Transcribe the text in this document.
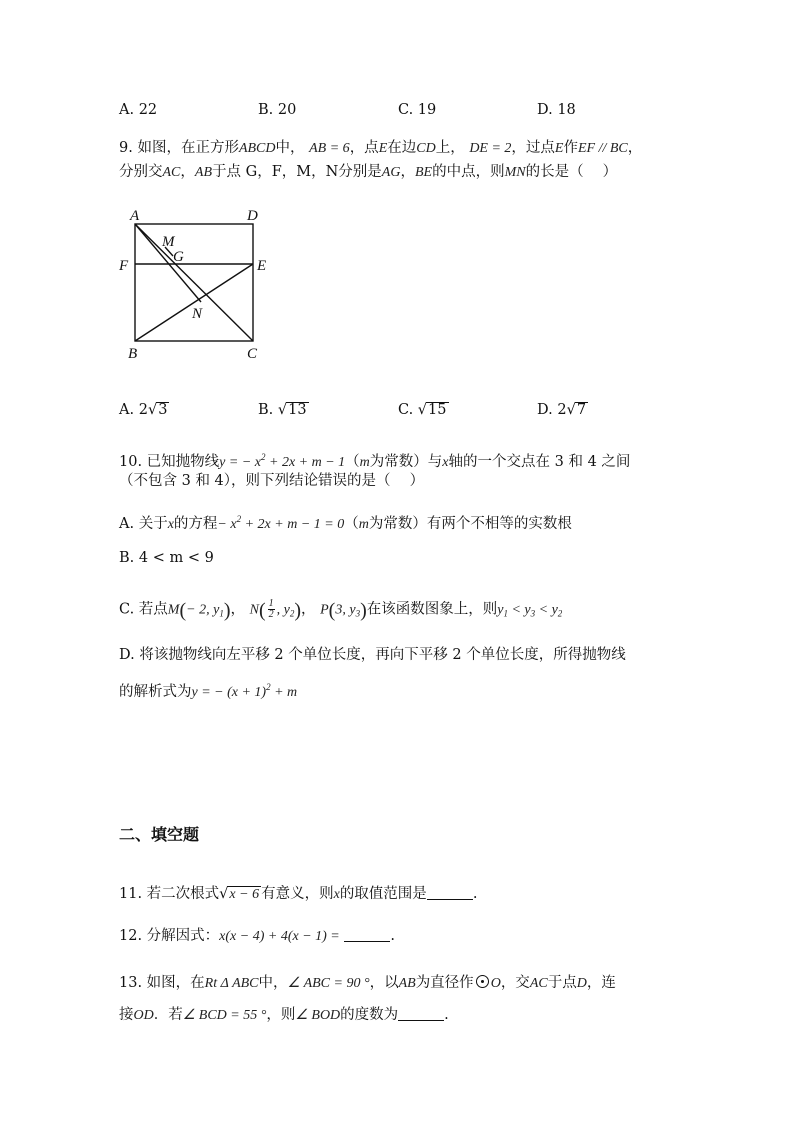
A. 22	B. 20	C. 19	D. 18
9. 如图，在正方形ABCD中， AB = 6，点E在边CD上， DE = 2，过点E作EF // BC，
分别交AC，AB于点 G，F，M，N分别是AG，BE的中点，则MN的长是（　 ）
A	D
F	E
B	C
M
G
N
A. 2√3	B. √13	C. √15	D. 2√7
10. 已知抛物线y = − $x^2 + 2x + m - 1(m$为常数）与x轴的一个交点在 3 和 4 之间
（不包含 3 和 4），则下列结论错误的是（　 ）
A. 关于x的方程− $x^2 + 2x + m - 1 = 0(m$为常数）有两个不相等的实数根
B. 4 < m < 9
C. 若点M(− 2, $y_1$)， $N( \frac{1}{2}$ , $y_2$)， P(3, $y_3$)在该函数图象上，则$y_1 < y_3 < y_2$
D. 将该抛物线向左平移 2 个单位长度，再向下平移 2 个单位长度，所得抛物线
的解析式为y = − $(x + 1)^2 + m$
二、填空题
11. 若二次根式√x − 6 有意义，则x的取值范围是	.
12. 分解因式：x(x − 4) + 4(x − 1) =	.
13. 如图，在Rt Δ ABC中，∠ ABC = 90 °，以AB为直径作 O，交AC于点D，连
接OD．若∠ BCD = 55 °，则∠ BOD的度数为	.
